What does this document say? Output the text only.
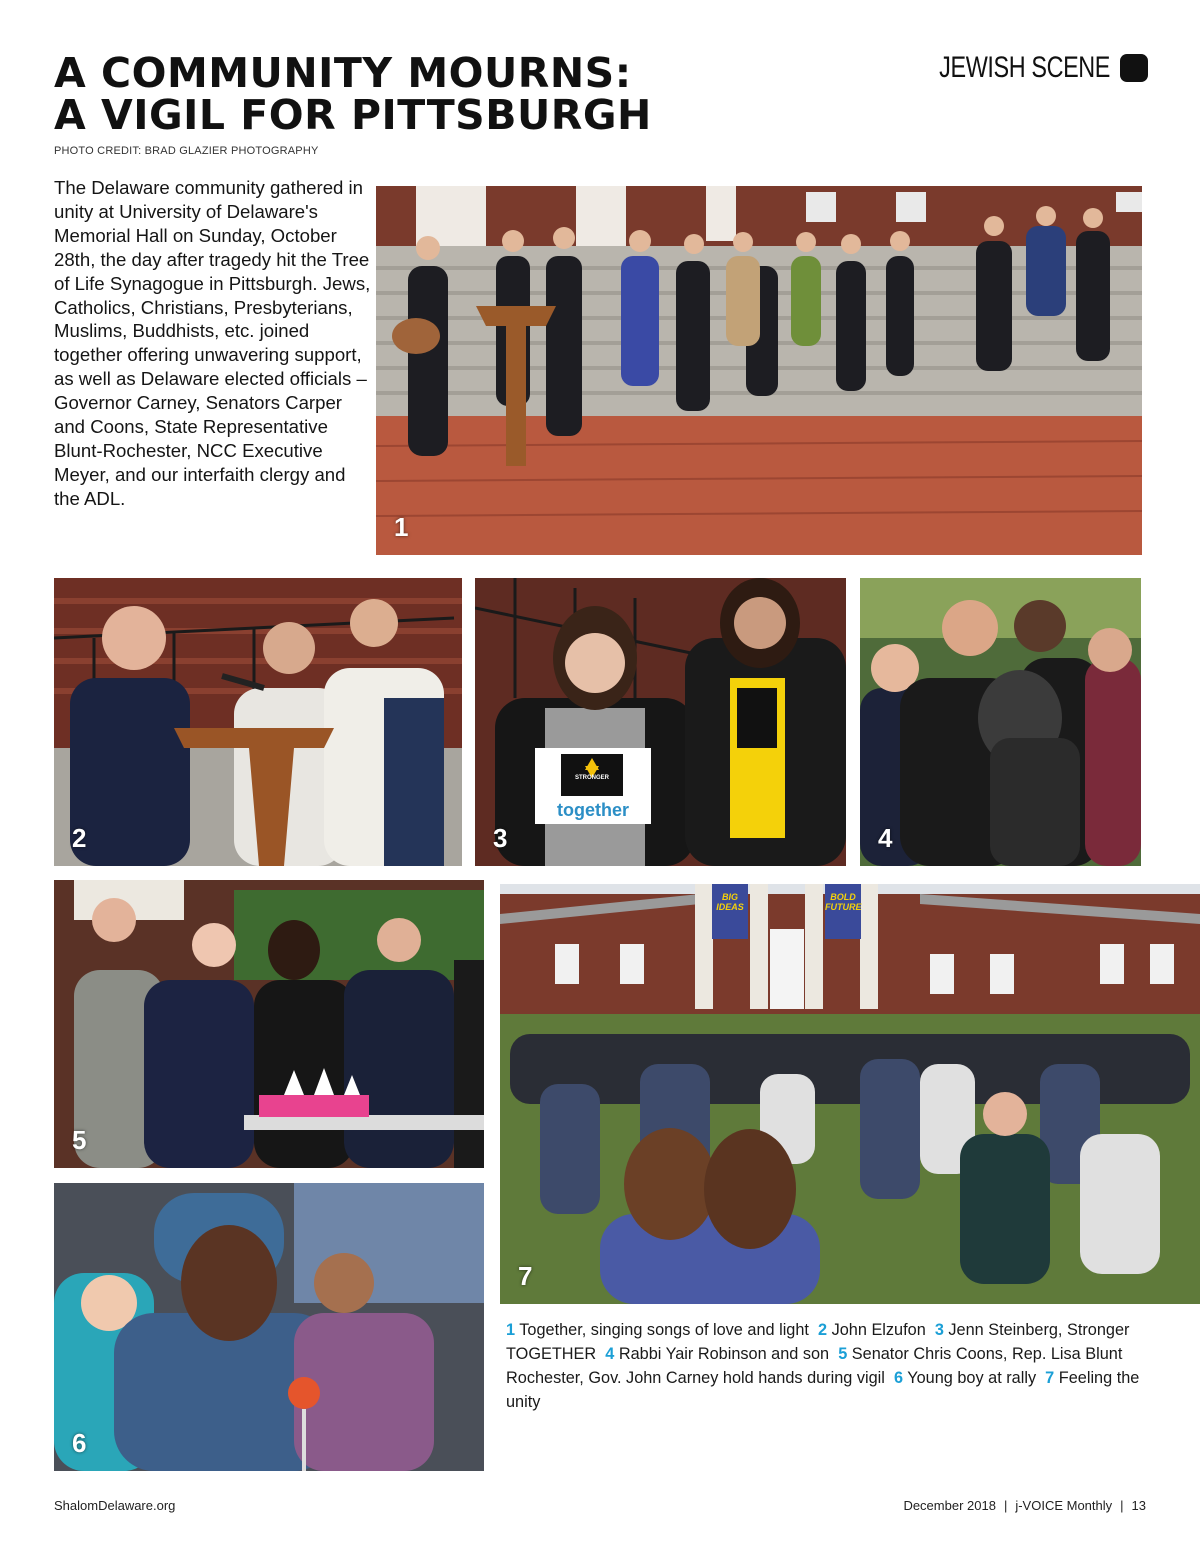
A COMMUNITY MOURNS:
A VIGIL FOR PITTSBURGH
JEWISH SCENE
PHOTO CREDIT: BRAD GLAZIER PHOTOGRAPHY

The Delaware community gathered in unity at University of Delaware's Memorial Hall on Sunday, October 28th, the day after tragedy hit the Tree of Life Synagogue in Pittsburgh. Jews, Catholics, Christians, Presbyterians, Muslims, Buddhists, etc. joined together offering unwavering support, as well as Delaware elected officials – Governor Carney, Senators Carper and Coons, State Representative Blunt-Rochester, NCC Executive Meyer, and our interfaith clergy and the ADL.

1
2
STRONGER
together
3	4
5
6
BIG IDEAS
BOLD FUTURE
7

1 Together, singing songs of love and light 2 John Elzufon 3 Jenn Steinberg, Stronger TOGETHER 4 Rabbi Yair Robinson and son 5 Senator Chris Coons, Rep. Lisa Blunt Rochester, Gov. John Carney hold hands during vigil 6 Young boy at rally 7 Feeling the unity

ShalomDelaware.org	December 2018 | j-VOICE Monthly | 13
